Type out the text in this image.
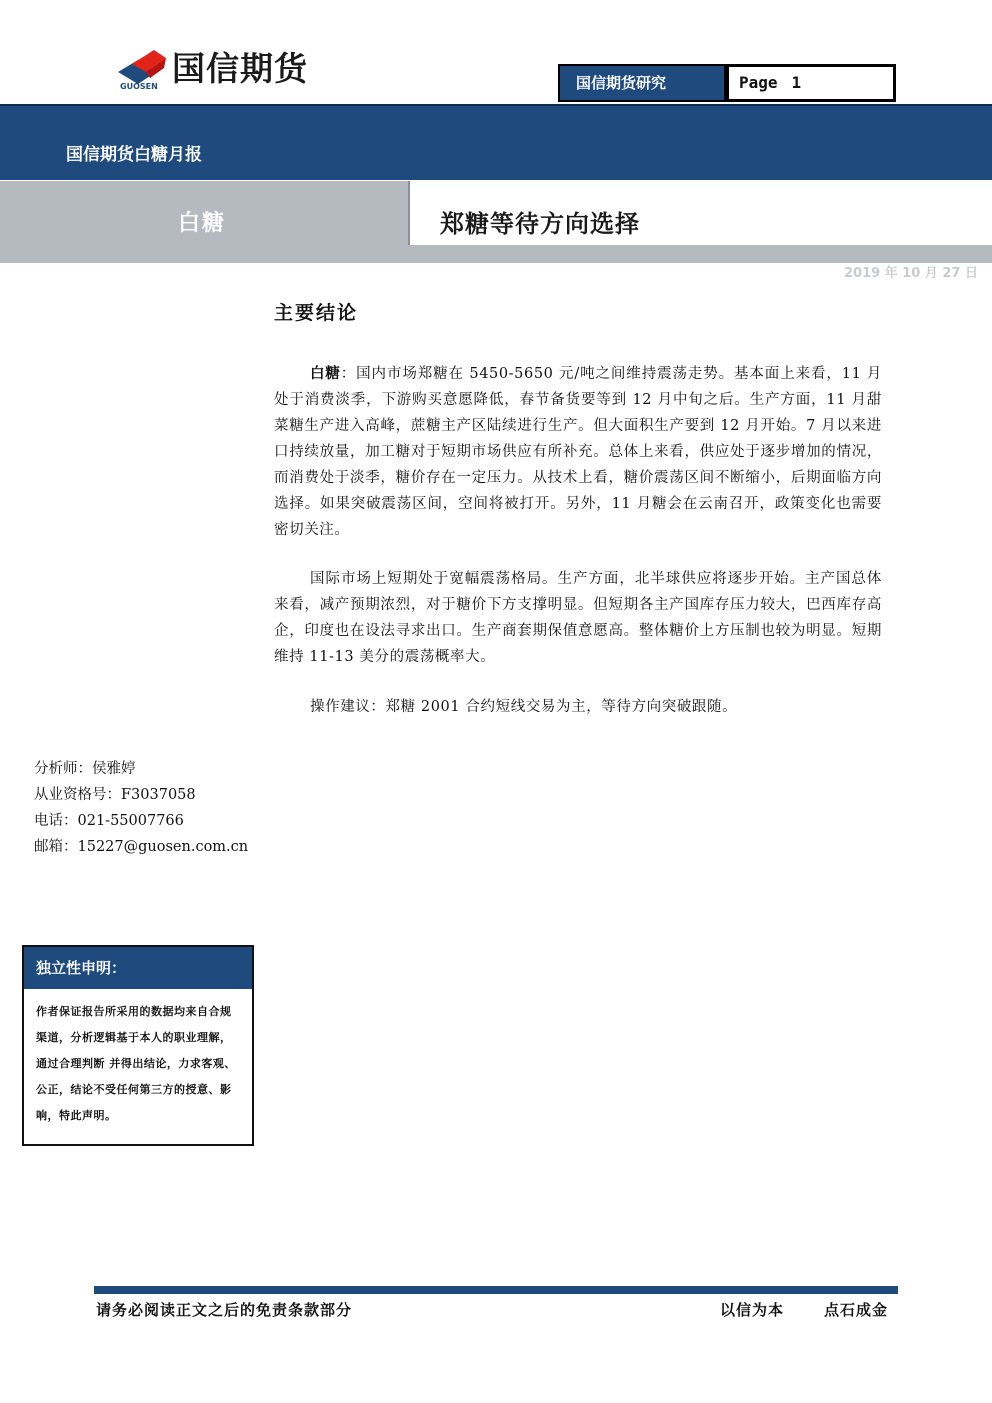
国信期货
GUOSEN	国信期货研究	Page 1
国信期货白糖月报
白糖	郑糖等待方向选择
2019 年 10 月 27 日
主要结论

白糖：国内市场郑糖在 5450-5650 元/吨之间维持震荡走势。基本面上来看，11 月处于消费淡季，下游购买意愿降低，春节备货要等到 12 月中旬之后。生产方面，11 月甜菜糖生产进入高峰，蔗糖主产区陆续进行生产。但大面积生产要到 12 月开始。7 月以来进口持续放量，加工糖对于短期市场供应有所补充。总体上来看，供应处于逐步增加的情况，而消费处于淡季，糖价存在一定压力。从技术上看，糖价震荡区间不断缩小，后期面临方向选择。如果突破震荡区间，空间将被打开。另外，11 月糖会在云南召开，政策变化也需要密切关注。

国际市场上短期处于宽幅震荡格局。生产方面，北半球供应将逐步开始。主产国总体来看，减产预期浓烈，对于糖价下方支撑明显。但短期各主产国库存压力较大，巴西库存高企，印度也在设法寻求出口。生产商套期保值意愿高。整体糖价上方压制也较为明显。短期维持 11-13 美分的震荡概率大。

操作建议：郑糖 2001 合约短线交易为主，等待方向突破跟随。

分析师：侯雅婷
从业资格号：F3037058
电话：021-55007766
邮箱：15227@guosen.com.cn
独立性申明：
作者保证报告所采用的数据均来自合规渠道，分析逻辑基于本人的职业理解，通过合理判断 并得出结论，力求客观、公正，结论不受任何第三方的授意、影响，特此声明。
请务必阅读正文之后的免责条款部分	以信为本	点石成金
